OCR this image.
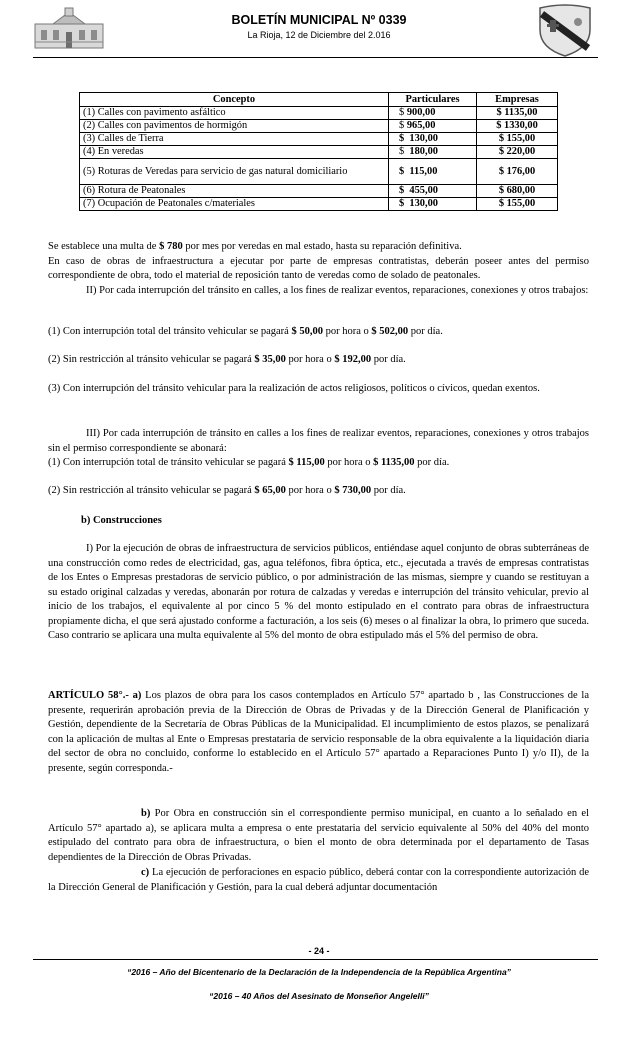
BOLETÍN MUNICIPAL Nº 0339
La Rioja, 12 de Diciembre del 2.016
Concepto	Particulares	Empresas
(1) Calles con pavimento asfáltico	$ 900,00	$ 1135,00
(2) Calles con pavimentos de hormigón	$ 965,00	$ 1330,00
(3) Calles de Tierra	$ 130,00	$ 155,00
(4) En veredas	$ 180,00	$ 220,00
(5) Roturas de Veredas para servicio de gas natural domiciliario	$ 115,00	$ 176,00
(6) Rotura de Peatonales	$ 455,00	$ 680,00
(7) Ocupación de Peatonales c/materiales	$ 130,00	$ 155,00
Se establece una multa de $ 780 por mes por veredas en mal estado, hasta su reparación definitiva.
En caso de obras de infraestructura a ejecutar por parte de empresas contratistas, deberán poseer antes del permiso correspondiente de obra, todo el material de reposición tanto de veredas como de solado de peatonales.
II) Por cada interrupción del tránsito en calles, a los fines de realizar eventos, reparaciones, conexiones y otros trabajos:
(1) Con interrupción total del tránsito vehicular se pagará $ 50,00 por hora o $ 502,00 por día.
(2) Sin restricción al tránsito vehicular se pagará $ 35,00 por hora o $ 192,00 por día.
(3) Con interrupción del tránsito vehicular para la realización de actos religiosos, políticos o cívicos, quedan exentos.
III) Por cada interrupción de tránsito en calles a los fines de realizar eventos, reparaciones, conexiones y otros trabajos sin el permiso correspondiente se abonará:
(1) Con interrupción total de tránsito vehicular se pagará $ 115,00 por hora o $ 1135,00 por día.
(2) Sin restricción al tránsito vehicular se pagará $ 65,00 por hora o $ 730,00 por día.
b) Construcciones
I) Por la ejecución de obras de infraestructura de servicios públicos, entiéndase aquel conjunto de obras subterráneas de una construcción como redes de electricidad, gas, agua teléfonos, fibra óptica, etc., ejecutada a través de empresas contratistas de los Entes o Empresas prestadoras de servicio público, o por administración de las mismas, siempre y cuando se restituyan a su estado original calzadas y veredas, abonarán por rotura de calzadas y veredas e interrupción del tránsito vehicular, previo al inicio de los trabajos, el equivalente al por cinco 5 % del monto estipulado en el contrato para obras de infraestructura propiamente dicha, el que será ajustado conforme a facturación, a los seis (6) meses o al finalizar la obra, lo primero que suceda. Caso contrario se aplicara una multa equivalente al 5% del monto de obra estipulado más el 5% del permiso de obra.
ARTÍCULO 58°.- a) Los plazos de obra para los casos contemplados en Artículo 57° apartado b , las Construcciones de la presente, requerirán aprobación previa de la Dirección de Obras de Privadas y de la Dirección General de Planificación y Gestión, dependiente de la Secretaría de Obras Públicas de la Municipalidad. El incumplimiento de estos plazos, se penalizará con la aplicación de multas al Ente o Empresas prestataria de servicio responsable de la obra equivalente a la liquidación diaria del sector de obra no concluido, conforme lo establecido en el Artículo 57° apartado a Reparaciones Punto I) y/o II), de la presente, según corresponda.-
b) Por Obra en construcción sin el correspondiente permiso municipal, en cuanto a lo señalado en el Artículo 57° apartado a), se aplicara multa a empresa o ente prestataria del servicio equivalente al 50% del 40% del monto estipulado del contrato para obra de infraestructura, o bien el monto de obra determinada por el departamento de Tasas dependientes de la Dirección de Obras Privadas.
c) La ejecución de perforaciones en espacio público, deberá contar con la correspondiente autorización de la Dirección General de Planificación y Gestión, para la cual deberá adjuntar documentación
- 24 -
“2016 – Año del Bicentenario de la Declaración de la Independencia de la República Argentina”
“2016 – 40 Años del Asesinato de Monseñor Angelelli”
